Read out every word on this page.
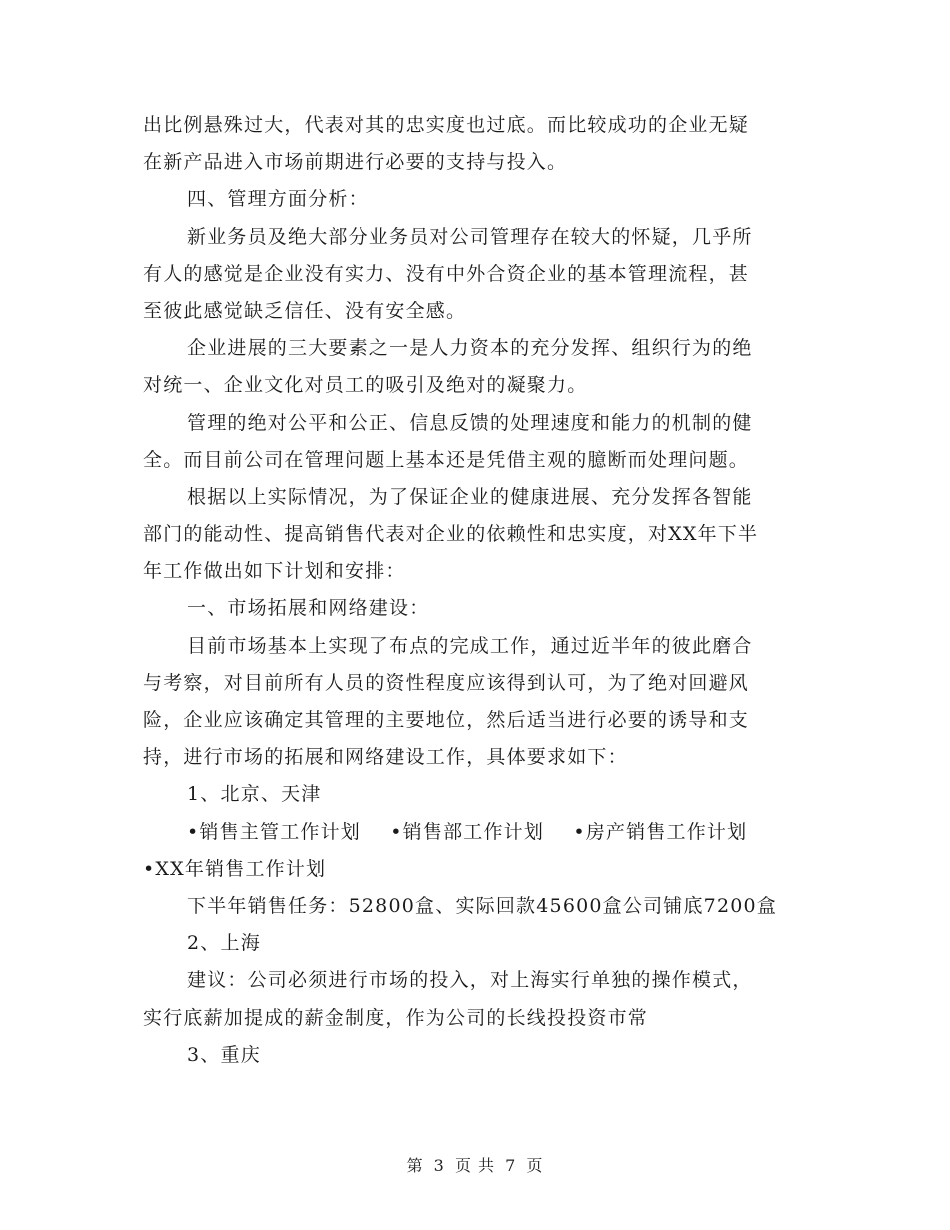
出比例悬殊过大，代表对其的忠实度也过底。而比较成功的企业无疑
在新产品进入市场前期进行必要的支持与投入。
四、管理方面分析：
新业务员及绝大部分业务员对公司管理存在较大的怀疑，几乎所
有人的感觉是企业没有实力、没有中外合资企业的基本管理流程，甚
至彼此感觉缺乏信任、没有安全感。
企业进展的三大要素之一是人力资本的充分发挥、组织行为的绝
对统一、企业文化对员工的吸引及绝对的凝聚力。
管理的绝对公平和公正、信息反馈的处理速度和能力的机制的健
全。而目前公司在管理问题上基本还是凭借主观的臆断而处理问题。
根据以上实际情况，为了保证企业的健康进展、充分发挥各智能
部门的能动性、提高销售代表对企业的依赖性和忠实度，对XX年下半
年工作做出如下计划和安排：
一、市场拓展和网络建设：
目前市场基本上实现了布点的完成工作，通过近半年的彼此磨合
与考察，对目前所有人员的资性程度应该得到认可，为了绝对回避风
险，企业应该确定其管理的主要地位，然后适当进行必要的诱导和支
持，进行市场的拓展和网络建设工作，具体要求如下：
1、北京、天津
•销售主管工作计划 •销售部工作计划 •房产销售工作计划
•XX年销售工作计划
下半年销售任务：52800盒、实际回款45600盒公司铺底7200盒
2、上海
建议：公司必须进行市场的投入，对上海实行单独的操作模式，
实行底薪加提成的薪金制度，作为公司的长线投投资市常
3、重庆
第 3 页 共 7 页
